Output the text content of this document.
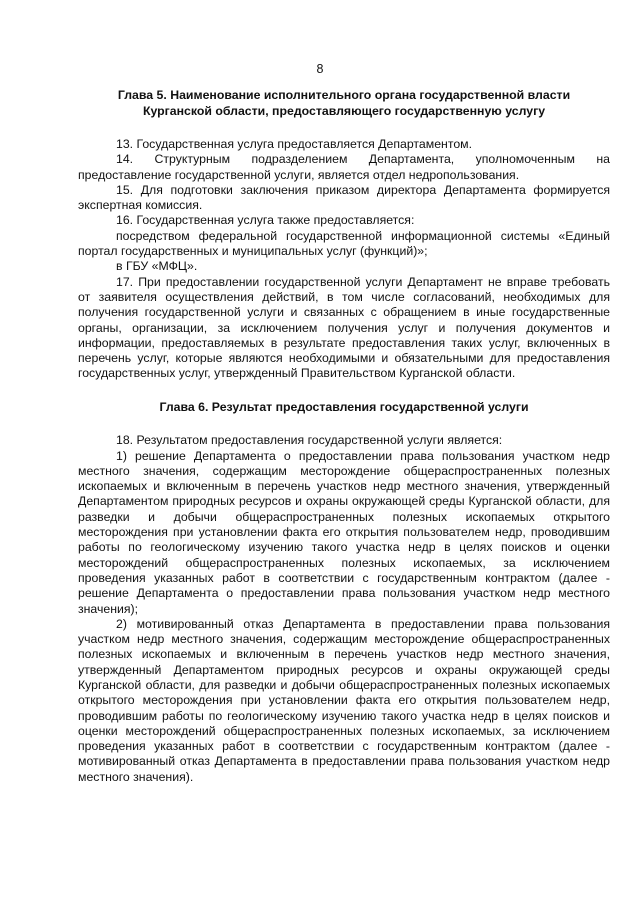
8
Глава 5. Наименование исполнительного органа государственной власти
Курганской области, предоставляющего государственную услугу

13. Государственная услуга предоставляется Департаментом.

14. Структурным подразделением Департамента, уполномоченным на предоставление государственной услуги, является отдел недропользования.

15. Для подготовки заключения приказом директора Департамента формируется экспертная комиссия.

16. Государственная услуга также предоставляется:

посредством федеральной государственной информационной системы «Единый портал государственных и муниципальных услуг (функций)»;

в ГБУ «МФЦ».

17. При предоставлении государственной услуги Департамент не вправе требовать от заявителя осуществления действий, в том числе согласований, необходимых для получения государственной услуги и связанных с обращением в иные государственные органы, организации, за исключением получения услуг и получения документов и информации, предоставляемых в результате предоставления таких услуг, включенных в перечень услуг, которые являются необходимыми и обязательными для предоставления государственных услуг, утвержденный Правительством Курганской области.

Глава 6. Результат предоставления государственной услуги

18. Результатом предоставления государственной услуги является:

1) решение Департамента о предоставлении права пользования участком недр местного значения, содержащим месторождение общераспространенных полезных ископаемых и включенным в перечень участков недр местного значения, утвержденный Департаментом природных ресурсов и охраны окружающей среды Курганской области, для разведки и добычи общераспространенных полезных ископаемых открытого месторождения при установлении факта его открытия пользователем недр, проводившим работы по геологическому изучению такого участка недр в целях поисков и оценки месторождений общераспространенных полезных ископаемых, за исключением проведения указанных работ в соответствии с государственным контрактом (далее - решение Департамента о предоставлении права пользования участком недр местного значения);

2) мотивированный отказ Департамента в предоставлении права пользования участком недр местного значения, содержащим месторождение общераспространенных полезных ископаемых и включенным в перечень участков недр местного значения, утвержденный Департаментом природных ресурсов и охраны окружающей среды Курганской области, для разведки и добычи общераспространенных полезных ископаемых открытого месторождения при установлении факта его открытия пользователем недр, проводившим работы по геологическому изучению такого участка недр в целях поисков и оценки месторождений общераспространенных полезных ископаемых, за исключением проведения указанных работ в соответствии с государственным контрактом (далее - мотивированный отказ Департамента в предоставлении права пользования участком недр местного значения).
